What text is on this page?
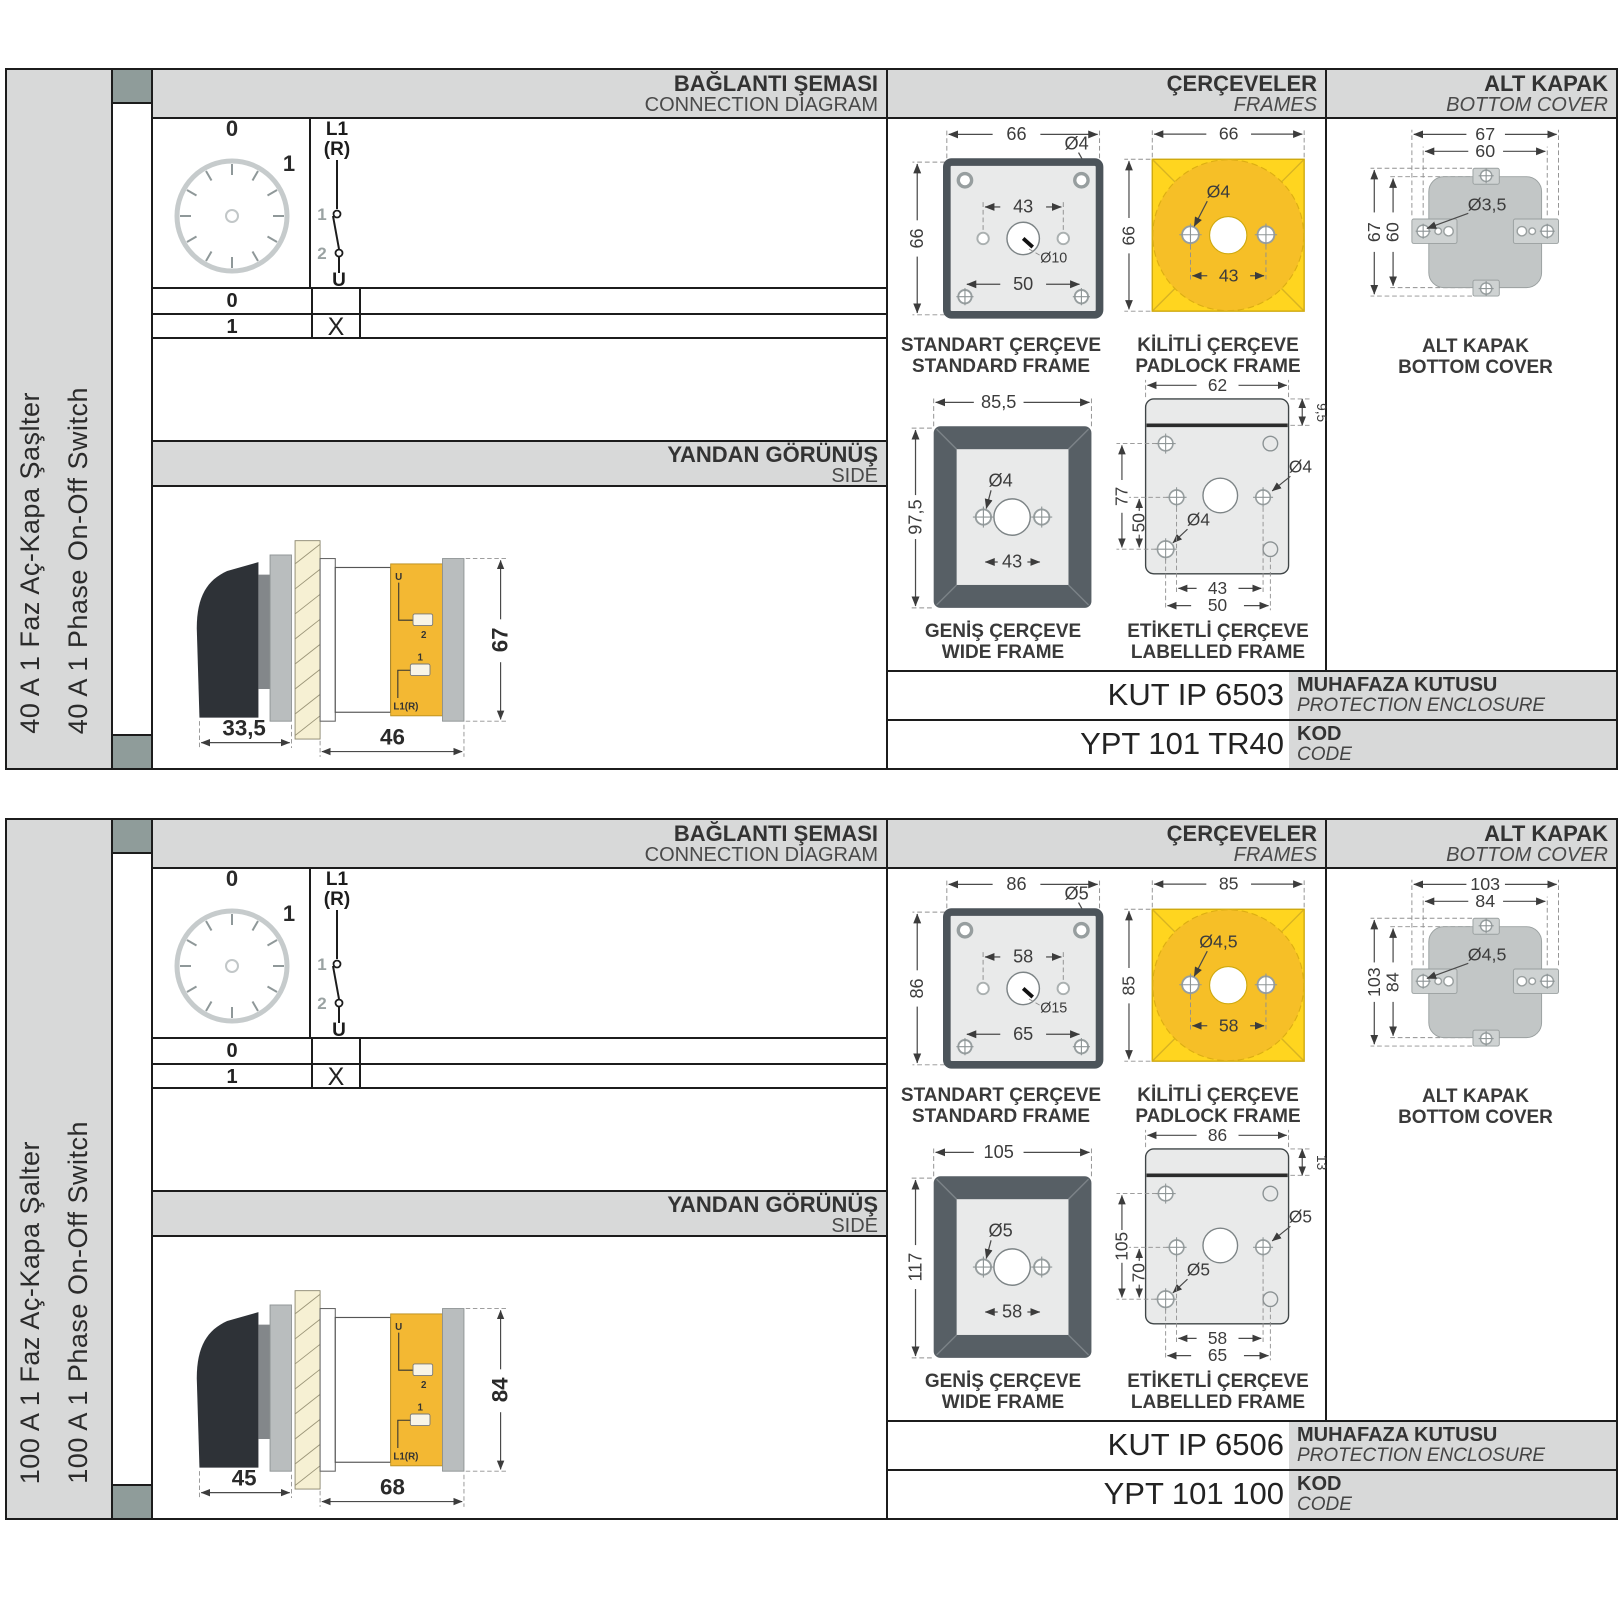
40 A 1 Faz Aç-Kapa Şaşlter 40 A 1 Phase On-Off Switch
BAĞLANTI ŞEMASI
CONNECTION DIAGRAM
ÇERÇEVELER
FRAMES
ALT KAPAK
BOTTOM COVER
0
1
L1
(R)
1
2
U
0
1	X
YANDAN GÖRÜNÜŞ
SIDE
U
2
1
L1(R)
67
33,5	46
66 Ø4
66
43
Ø10
50
STANDART ÇERÇEVE
STANDARD FRAME
66
66
Ø4
43
KİLİTLİ ÇERÇEVE
PADLOCK FRAME
85,5
97,5
Ø4
43
GENİŞ ÇERÇEVE
WIDE FRAME
62
9,5
Ø4
Ø4
77
50
43
50
ETİKETLİ ÇERÇEVE
LABELLED FRAME
67
60
67
60
Ø3,5
ALT KAPAK
BOTTOM COVER
KUT IP 6503 MUHAFAZA KUTUSU
PROTECTION ENCLOSURE
YPT 101 TR40 KOD
CODE
100 A 1 Faz Aç-Kapa Şalter 100 A 1 Phase On-Off Switch
BAĞLANTI ŞEMASI
CONNECTION DIAGRAM
ÇERÇEVELER
FRAMES
ALT KAPAK
BOTTOM COVER
0
1
L1
(R)
1
2
U
0
1	X
YANDAN GÖRÜNÜŞ
SIDE
U
2
1
L1(R)
84
45	68
86 Ø5
86
58
Ø15
65
STANDART ÇERÇEVE
STANDARD FRAME
85
85
Ø4,5
58
KİLİTLİ ÇERÇEVE
PADLOCK FRAME
105
117
Ø5
58
GENİŞ ÇERÇEVE
WIDE FRAME
86
13
Ø5
Ø5
105
70
58
65
ETİKETLİ ÇERÇEVE
LABELLED FRAME
103
84
103
84
Ø4,5
ALT KAPAK
BOTTOM COVER
KUT IP 6506 MUHAFAZA KUTUSU
PROTECTION ENCLOSURE
YPT 101 100 KOD
CODE
